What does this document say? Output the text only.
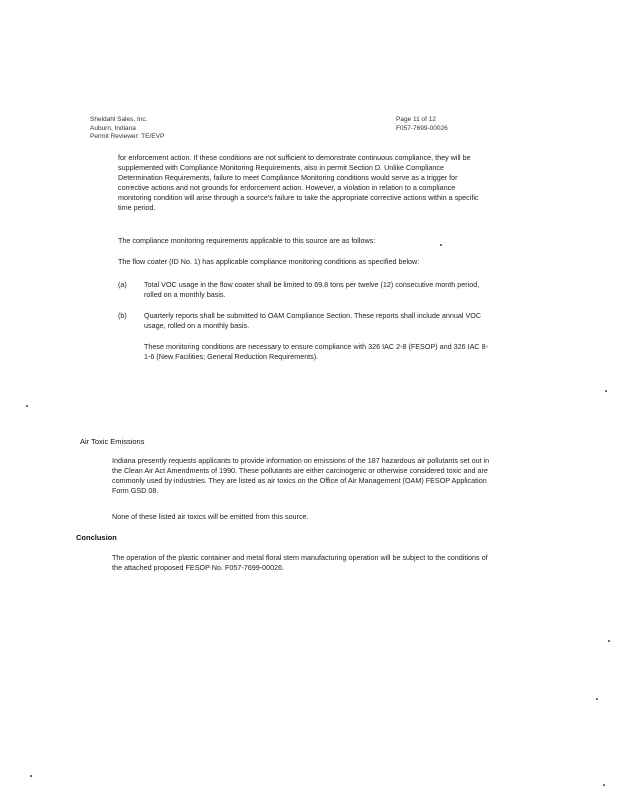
Sheldahl Sales, Inc.
Auburn, Indiana
Permit Reviewer: TE/EVP
Page 11 of 12
F057-7699-00026
for enforcement action. If these conditions are not sufficient to demonstrate continuous compliance, they will be supplemented with Compliance Monitoring Requirements, also in permit Section D. Unlike Compliance Determination Requirements, failure to meet Compliance Monitoring conditions would serve as a trigger for corrective actions and not grounds for enforcement action. However, a violation in relation to a compliance monitoring condition will arise through a source's failure to take the appropriate corrective actions within a specific time period.
The compliance monitoring requirements applicable to this source are as follows:
The flow coater (ID No. 1) has applicable compliance monitoring conditions as specified below:
(a)	Total VOC usage in the flow coater shall be limited to 69.8 tons per twelve (12) consecutive month period, rolled on a monthly basis.
(b)	Quarterly reports shall be submitted to OAM Compliance Section. These reports shall include annual VOC usage, rolled on a monthly basis.
These monitoring conditions are necessary to ensure compliance with 326 IAC 2-8 (FESOP) and 326 IAC 8-1-6 (New Facilities; General Reduction Requirements).
Air Toxic Emissions
Indiana presently requests applicants to provide information on emissions of the 187 hazardous air pollutants set out in the Clean Air Act Amendments of 1990. These pollutants are either carcinogenic or otherwise considered toxic and are commonly used by industries. They are listed as air toxics on the Office of Air Management (OAM) FESOP Application Form GSD 08.
None of these listed air toxics will be emitted from this source.
Conclusion
The operation of the plastic container and metal floral stem manufacturing operation will be subject to the conditions of the attached proposed FESOP No. F057-7699-00026.
